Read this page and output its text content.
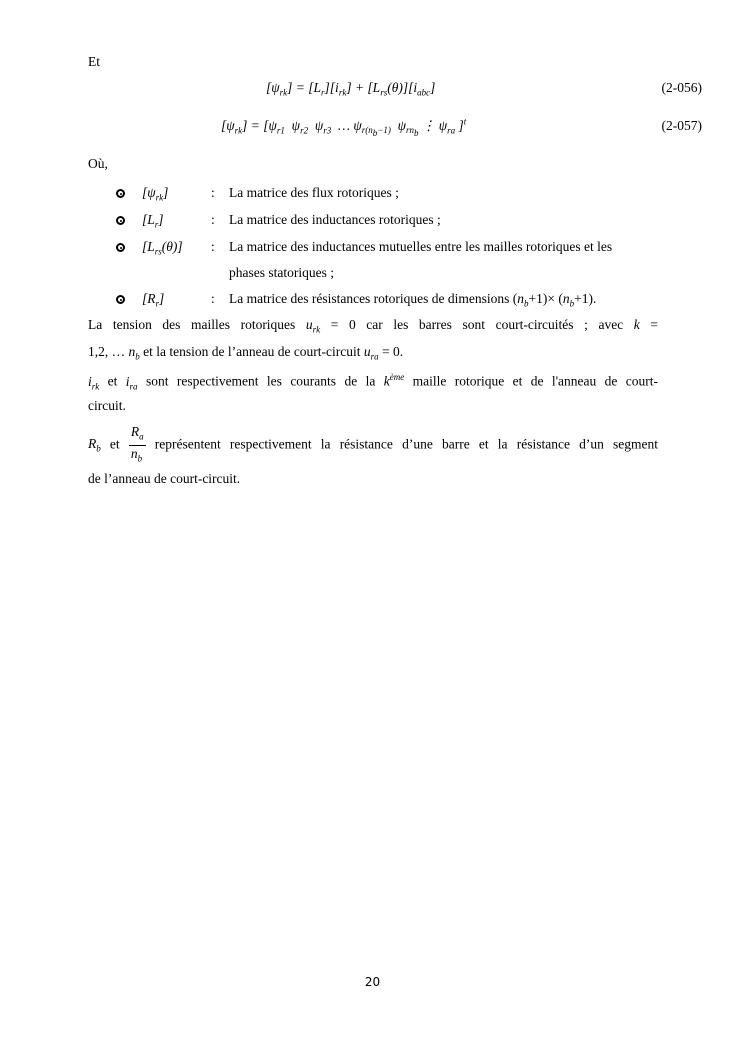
Et
$[\psi_{rk}] = [L_r][i_{rk}] + [L_{rs}(\theta)][i_{abc}]$	(2-056)
$[\psi_{rk}] = [\psi_{r1}$  $\psi_{r2}$  $\psi_{r3}$  … $\psi_{r(n_b-1)}$  $\psi_{rn_b}$ ⋮ $\psi_{ra}$ ]$^t$	(2-057)
Où,
$[\psi_{rk}]$	: La matrice des flux rotoriques ;
$[L_r]$	: La matrice des inductances rotoriques ;
$[L_{rs}(\theta)]$ : La matrice des inductances mutuelles entre les mailles rotoriques et les
phases statoriques ;
$[R_r]$	: La matrice des résistances rotoriques de dimensions $(n_b+1)\times (n_b+1)$.
La tension des mailles rotoriques $u_{rk} = 0$ car les barres sont court-circuités ; avec k =
1,2, … $n_b$ et la tension de l’anneau de court-circuit $u_{ra} = 0$.
$i_{rk}$ et $i_{ra}$ sont respectivement les courants de la $k^{ème}$ maille rotorique et de l'anneau de court-
circuit.
$R_b$ et $\frac{R_a}{n_b}$ représentent respectivement la résistance d’une barre et la résistance d’un segment
de l’anneau de court-circuit.
20
